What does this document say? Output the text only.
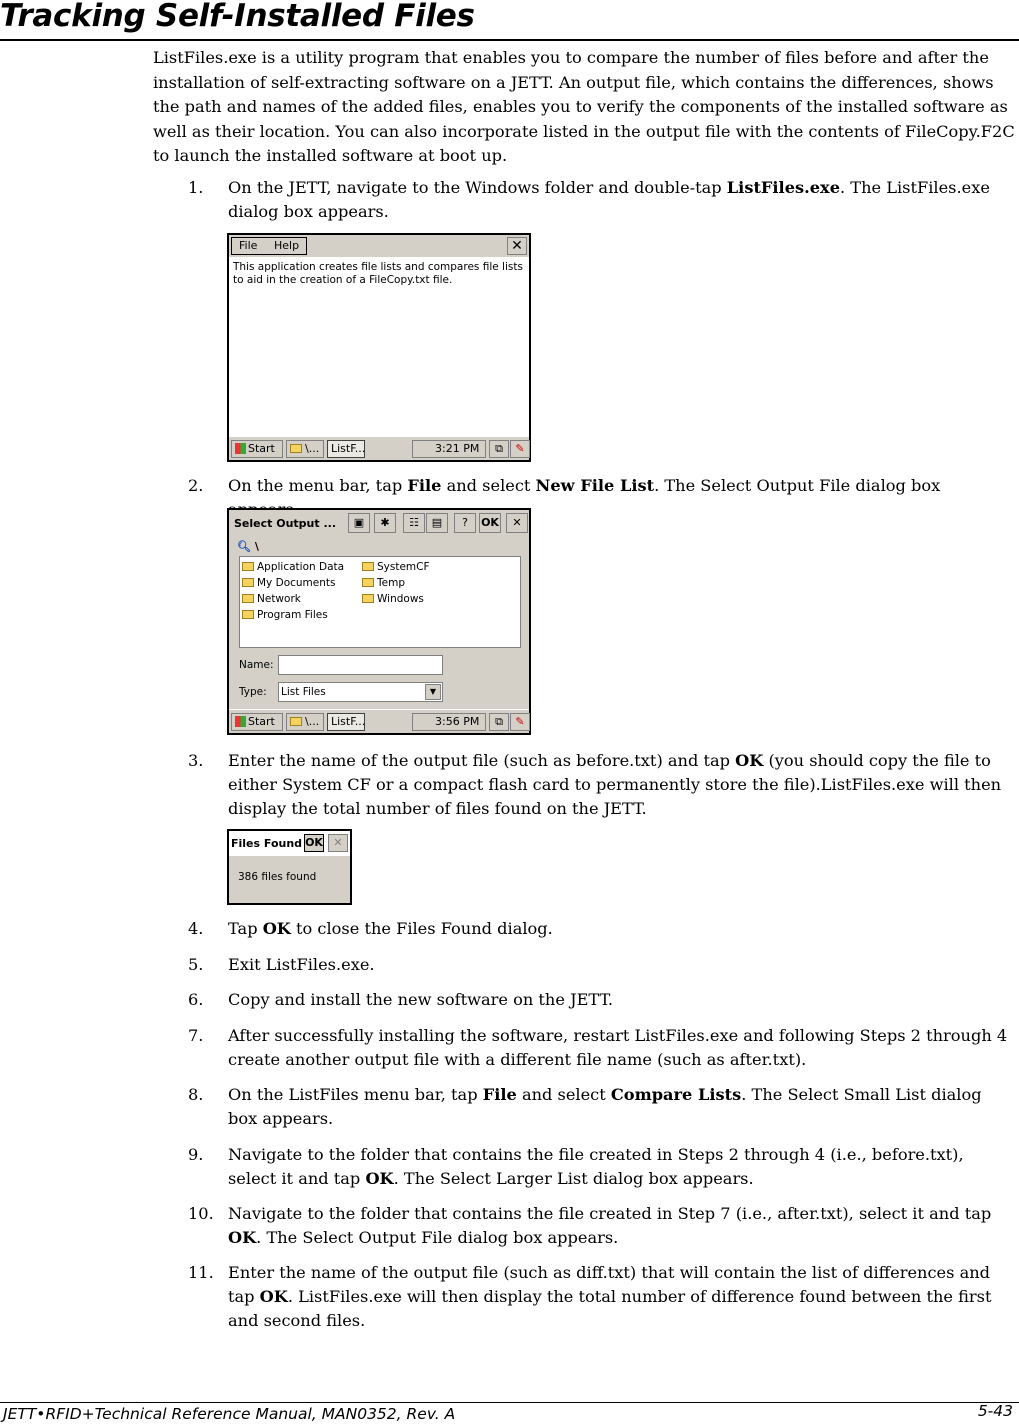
Tracking Self-Installed Files
ListFiles.exe is a utility program that enables you to compare the number of files before and after the installation of self-extracting software on a JETT. An output file, which contains the differences, shows the path and names of the added files, enables you to verify the components of the installed software as well as their location. You can also incorporate listed in the output file with the contents of FileCopy.F2C to launch the installed software at boot up.
1.	On the JETT, navigate to the Windows folder and double-tap ListFiles.exe. The ListFiles.exe dialog box appears.
File Help	✕
This application creates file lists and compares file lists to aid in the creation of a FileCopy.txt file.
Start	\...	ListF...	3:21 PM	⧉	✎
2.	On the menu bar, tap File and select New File List. The Select Output File dialog box
Select Output ...	▣	✱	☷	▤	?	OK	✕
🔍︎ \
Application Data
My Documents
Network
Program Files
SystemCF
Temp
Windows
Name:
Type: List Files	▼
Start	\...	ListF...	3:56 PM	⧉	✎
3.	Enter the name of the output file (such as before.txt) and tap OK (you should copy the file to either System CF or a compact flash card to permanently store the file).ListFiles.exe will then display the total number of files found on the JETT.
Files Found OK ✕
386 files found
4.	Tap OK to close the Files Found dialog.
5.	Exit ListFiles.exe.
6.	Copy and install the new software on the JETT.
7.	After successfully installing the software, restart ListFiles.exe and following Steps 2 through 4 create another output file with a different file name (such as after.txt).
8.	On the ListFiles menu bar, tap File and select Compare Lists. The Select Small List dialog box appears.
9.	Navigate to the folder that contains the file created in Steps 2 through 4 (i.e., before.txt), select it and tap OK. The Select Larger List dialog box appears.
10. Navigate to the folder that contains the file created in Step 7 (i.e., after.txt), select it and tap OK. The Select Output File dialog box appears.
11. Enter the name of the output file (such as diff.txt) that will contain the list of differences and tap OK. ListFiles.exe will then display the total number of difference found between the first and second files.
JETT•RFID+Technical Reference Manual, MAN0352, Rev. A	5-43
